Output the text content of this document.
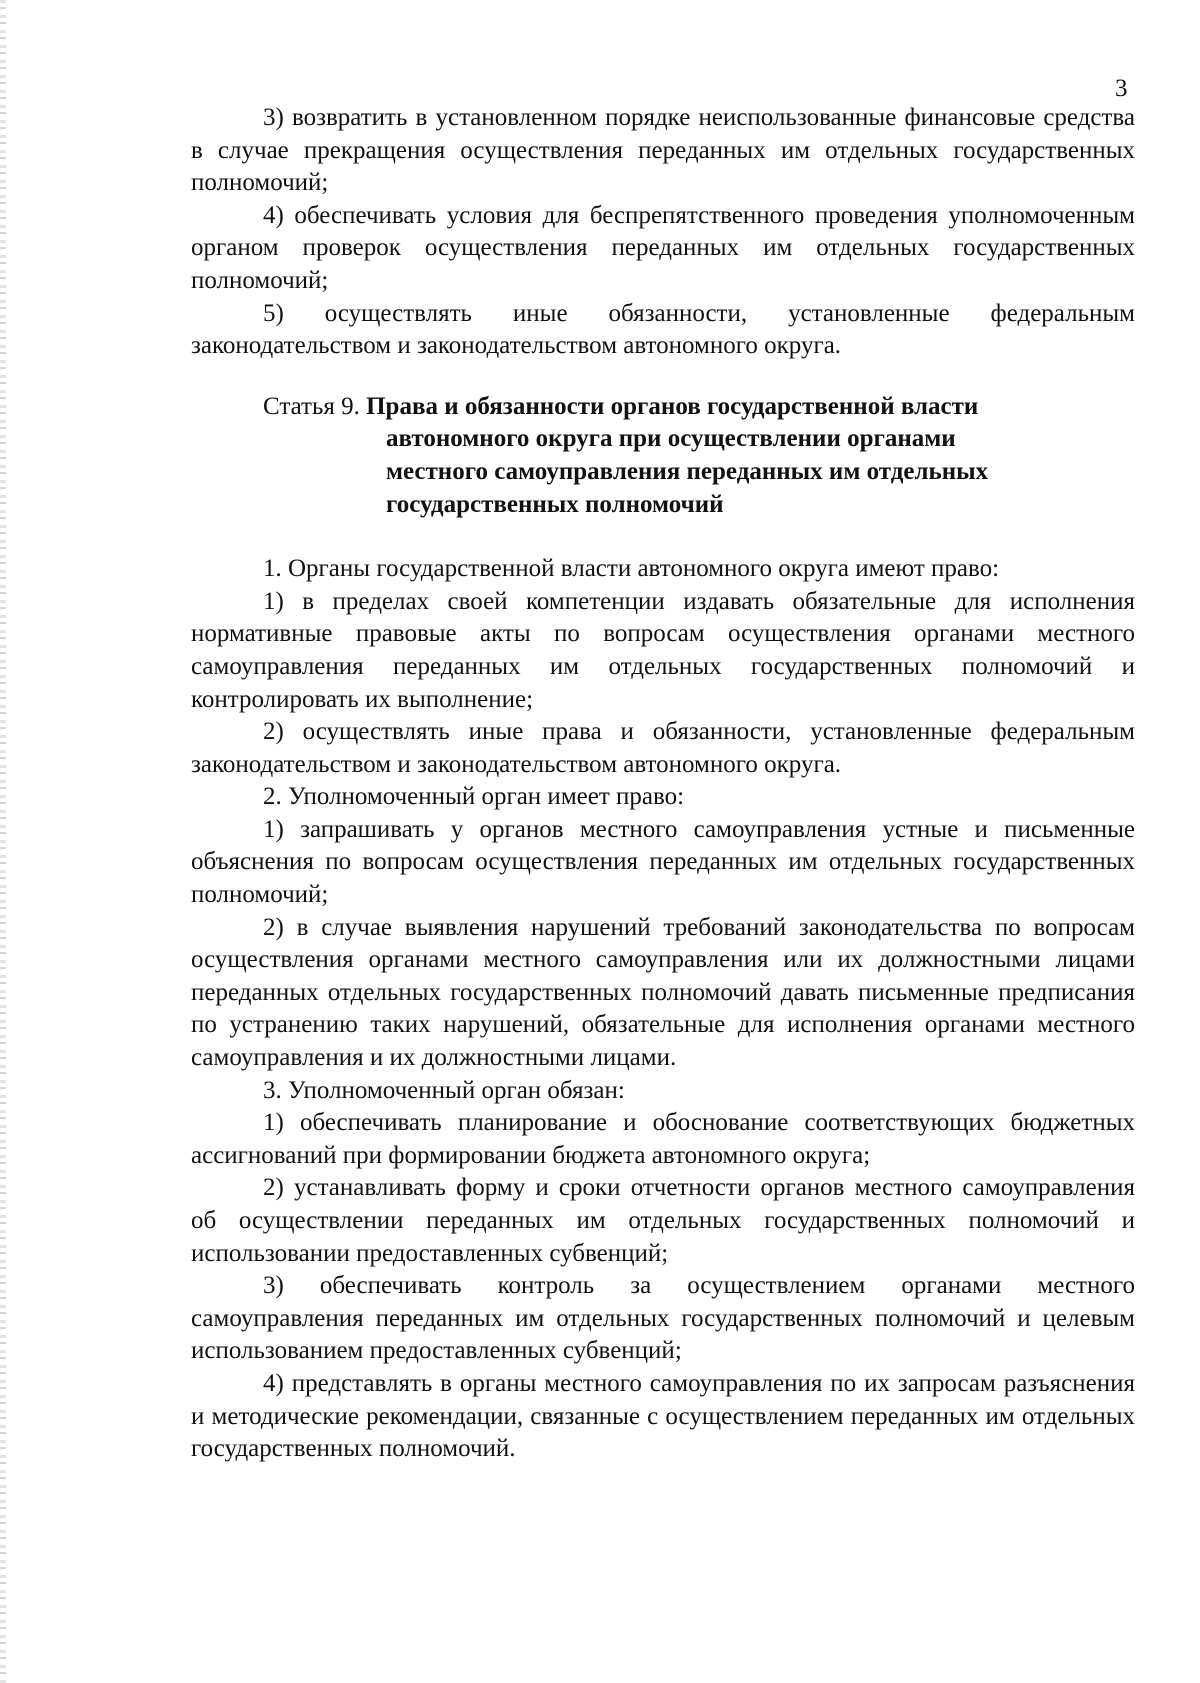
3

3) возвратить в установленном порядке неиспользованные финансовые средства в случае прекращения осуществления переданных им отдельных государственных полномочий;

4) обеспечивать условия для беспрепятственного проведения уполномоченным органом проверок осуществления переданных им отдельных государственных полномочий;

5) осуществлять иные обязанности, установленные федеральным законодательством и законодательством автономного округа.

Статья 9. Права и обязанности органов государственной власти
автономного округа при осуществлении органами
местного самоуправления переданных им отдельных
государственных полномочий

1. Органы государственной власти автономного округа имеют право:

1) в пределах своей компетенции издавать обязательные для исполнения нормативные правовые акты по вопросам осуществления органами местного самоуправления переданных им отдельных государственных полномочий и контролировать их выполнение;

2) осуществлять иные права и обязанности, установленные федеральным законодательством и законодательством автономного округа.

2. Уполномоченный орган имеет право:

1) запрашивать у органов местного самоуправления устные и письменные объяснения по вопросам осуществления переданных им отдельных государственных полномочий;

2) в случае выявления нарушений требований законодательства по вопросам осуществления органами местного самоуправления или их должностными лицами переданных отдельных государственных полномочий давать письменные предписания по устранению таких нарушений, обязательные для исполнения органами местного самоуправления и их должностными лицами.

3. Уполномоченный орган обязан:

1) обеспечивать планирование и обоснование соответствующих бюджетных ассигнований при формировании бюджета автономного округа;

2) устанавливать форму и сроки отчетности органов местного самоуправления об осуществлении переданных им отдельных государственных полномочий и использовании предоставленных субвенций;

3) обеспечивать контроль за осуществлением органами местного самоуправления переданных им отдельных государственных полномочий и целевым использованием предоставленных субвенций;

4) представлять в органы местного самоуправления по их запросам разъяснения и методические рекомендации, связанные с осуществлением переданных им отдельных государственных полномочий.
